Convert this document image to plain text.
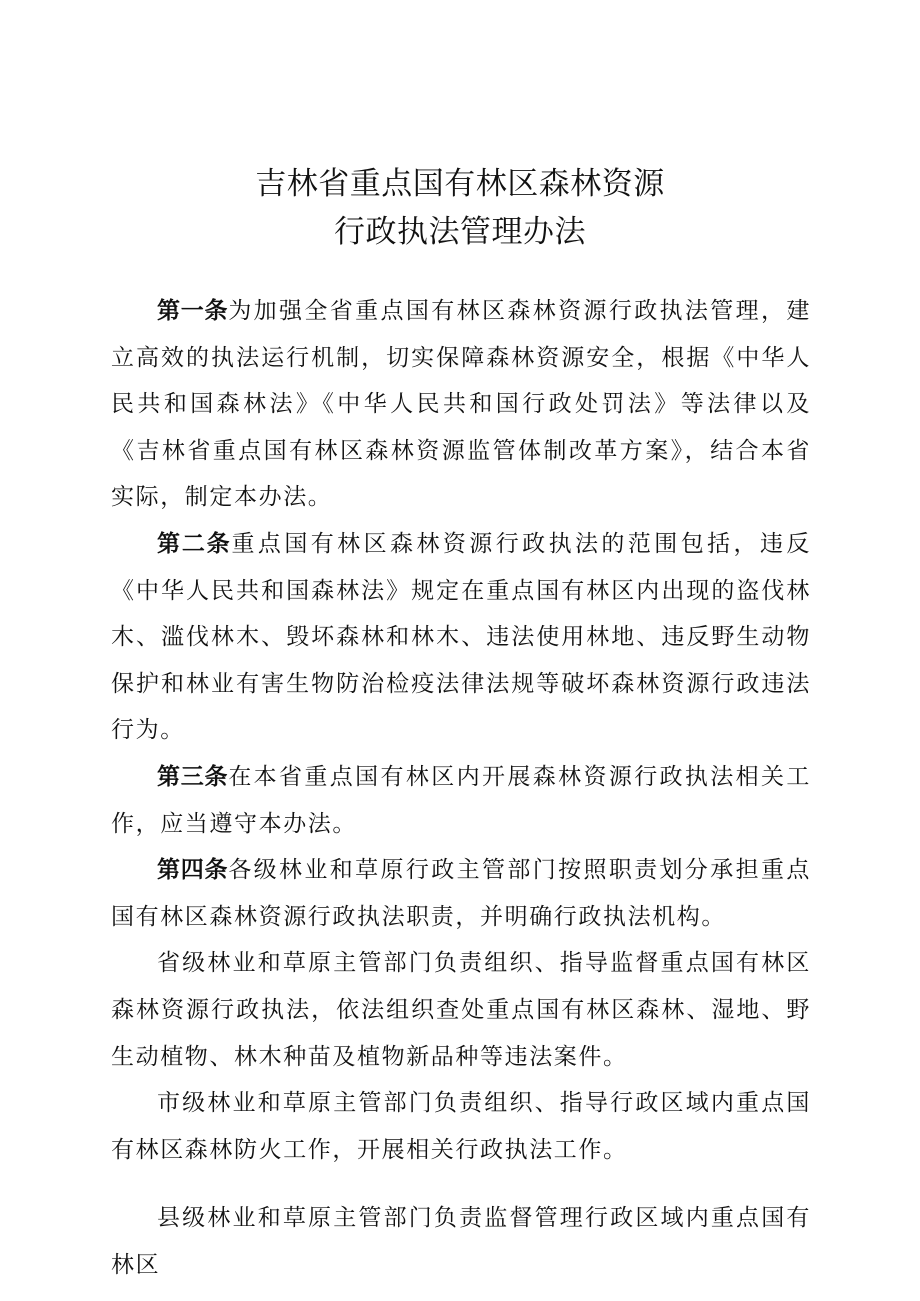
吉林省重点国有林区森林资源
行政执法管理办法

第一条为加强全省重点国有林区森林资源行政执法管理，建立高效的执法运行机制，切实保障森林资源安全，根据《中华人民共和国森林法》《中华人民共和国行政处罚法》等法律以及《吉林省重点国有林区森林资源监管体制改革方案》，结合本省实际，制定本办法。

第二条重点国有林区森林资源行政执法的范围包括，违反《中华人民共和国森林法》规定在重点国有林区内出现的盗伐林木、滥伐林木、毁坏森林和林木、违法使用林地、违反野生动物保护和林业有害生物防治检疫法律法规等破坏森林资源行政违法行为。

第三条在本省重点国有林区内开展森林资源行政执法相关工作，应当遵守本办法。

第四条各级林业和草原行政主管部门按照职责划分承担重点国有林区森林资源行政执法职责，并明确行政执法机构。

省级林业和草原主管部门负责组织、指导监督重点国有林区森林资源行政执法，依法组织查处重点国有林区森林、湿地、野生动植物、林木种苗及植物新品种等违法案件。

市级林业和草原主管部门负责组织、指导行政区域内重点国有林区森林防火工作，开展相关行政执法工作。

县级林业和草原主管部门负责监督管理行政区域内重点国有林区
